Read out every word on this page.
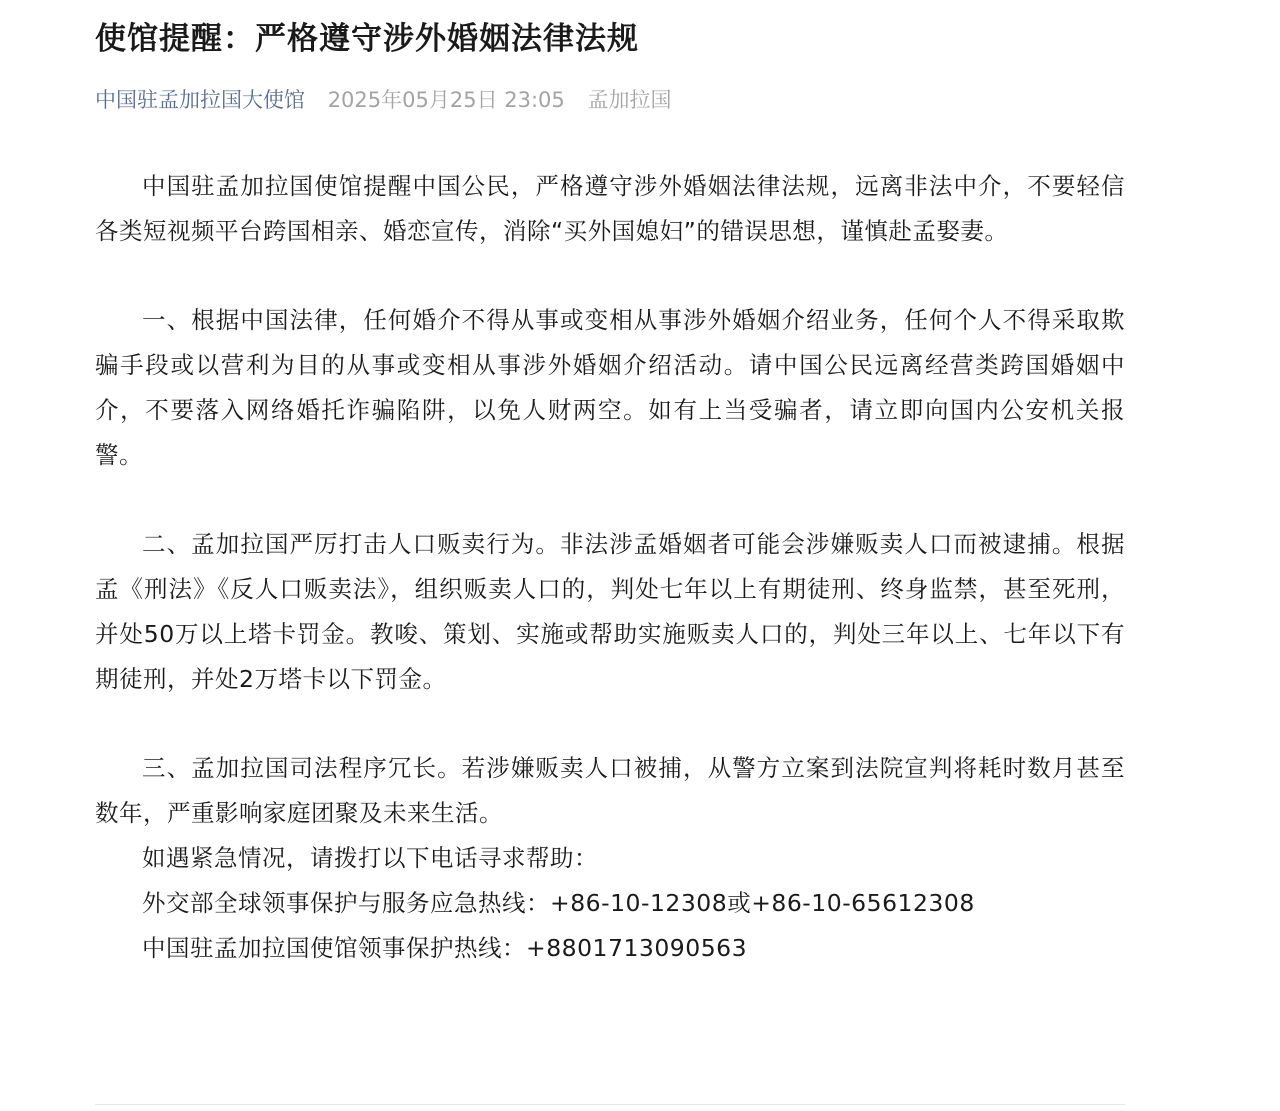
使馆提醒：严格遵守涉外婚姻法律法规
中国驻孟加拉国大使馆 2025年05月25日 23:05 孟加拉国

中国驻孟加拉国使馆提醒中国公民，严格遵守涉外婚姻法律法规，远离非法中介，不要轻信各类短视频平台跨国相亲、婚恋宣传，消除“买外国媳妇”的错误思想，谨慎赴孟娶妻。

一、根据中国法律，任何婚介不得从事或变相从事涉外婚姻介绍业务，任何个人不得采取欺骗手段或以营利为目的从事或变相从事涉外婚姻介绍活动。请中国公民远离经营类跨国婚姻中介，不要落入网络婚托诈骗陷阱，以免人财两空。如有上当受骗者，请立即向国内公安机关报警。

二、孟加拉国严厉打击人口贩卖行为。非法涉孟婚姻者可能会涉嫌贩卖人口而被逮捕。根据孟《刑法》《反人口贩卖法》，组织贩卖人口的，判处七年以上有期徒刑、终身监禁，甚至死刑，并处50万以上塔卡罚金。教唆、策划、实施或帮助实施贩卖人口的，判处三年以上、七年以下有期徒刑，并处2万塔卡以下罚金。

三、孟加拉国司法程序冗长。若涉嫌贩卖人口被捕，从警方立案到法院宣判将耗时数月甚至数年，严重影响家庭团聚及未来生活。

如遇紧急情况，请拨打以下电话寻求帮助：

外交部全球领事保护与服务应急热线：+86-10-12308或+86-10-65612308

中国驻孟加拉国使馆领事保护热线：+8801713090563
